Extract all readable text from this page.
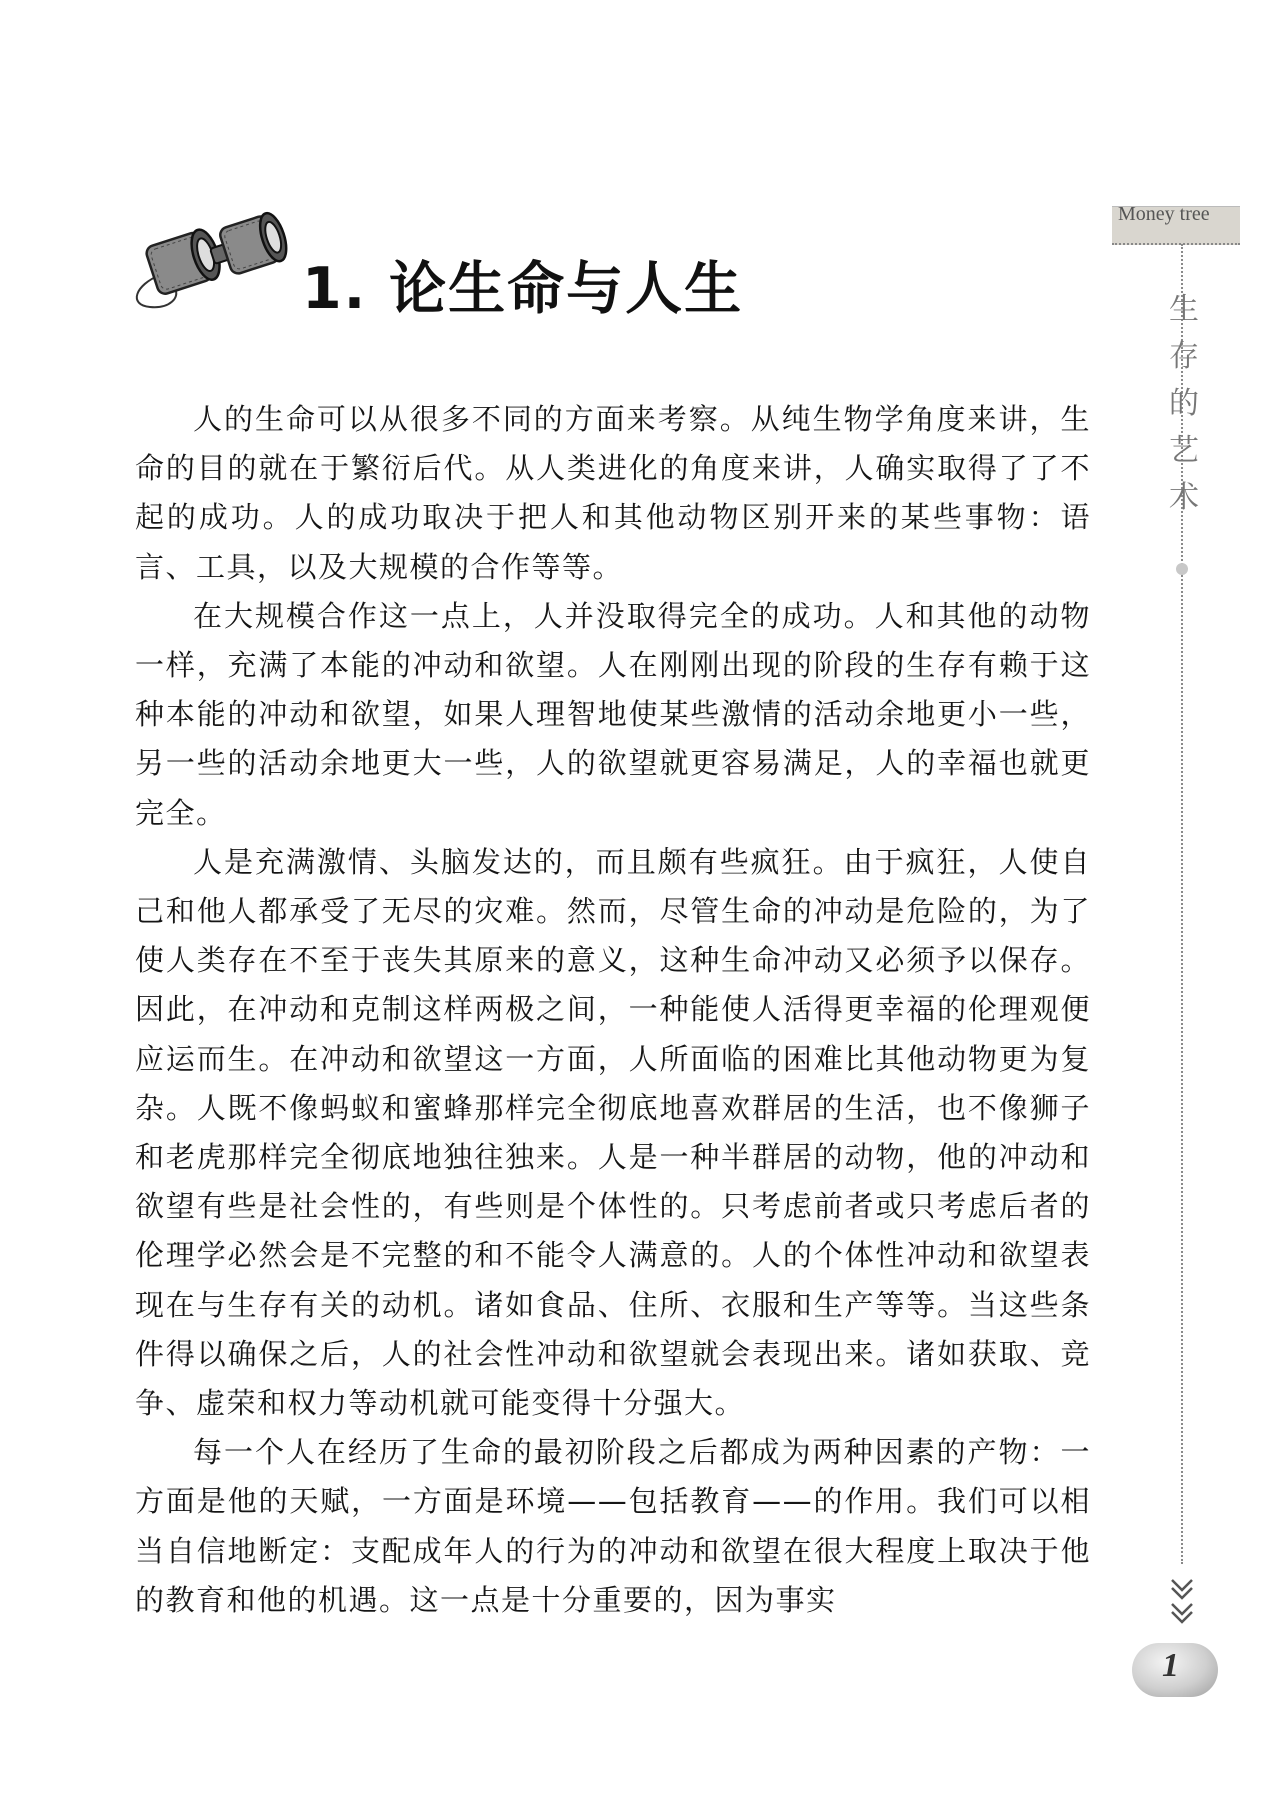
Money tree
生
存
的
艺
术
1
1. 论生命与人生

人的生命可以从很多不同的方面来考察。从纯生物学角度来讲，生命的目的就在于繁衍后代。从人类进化的角度来讲，人确实取得了了不起的成功。人的成功取决于把人和其他动物区别开来的某些事物：语言、工具，以及大规模的合作等等。

在大规模合作这一点上，人并没取得完全的成功。人和其他的动物一样，充满了本能的冲动和欲望。人在刚刚出现的阶段的生存有赖于这种本能的冲动和欲望，如果人理智地使某些激情的活动余地更小一些，另一些的活动余地更大一些，人的欲望就更容易满足，人的幸福也就更完全。

人是充满激情、头脑发达的，而且颇有些疯狂。由于疯狂，人使自己和他人都承受了无尽的灾难。然而，尽管生命的冲动是危险的，为了使人类存在不至于丧失其原来的意义，这种生命冲动又必须予以保存。因此，在冲动和克制这样两极之间，一种能使人活得更幸福的伦理观便应运而生。在冲动和欲望这一方面，人所面临的困难比其他动物更为复杂。人既不像蚂蚁和蜜蜂那样完全彻底地喜欢群居的生活，也不像狮子和老虎那样完全彻底地独往独来。人是一种半群居的动物，他的冲动和欲望有些是社会性的，有些则是个体性的。只考虑前者或只考虑后者的伦理学必然会是不完整的和不能令人满意的。人的个体性冲动和欲望表现在与生存有关的动机。诸如食品、住所、衣服和生产等等。当这些条件得以确保之后，人的社会性冲动和欲望就会表现出来。诸如获取、竞争、虚荣和权力等动机就可能变得十分强大。

每一个人在经历了生命的最初阶段之后都成为两种因素的产物：一方面是他的天赋，一方面是环境——包括教育——的作用。我们可以相当自信地断定：支配成年人的行为的冲动和欲望在很大程度上取决于他的教育和他的机遇。这一点是十分重要的，因为事实
